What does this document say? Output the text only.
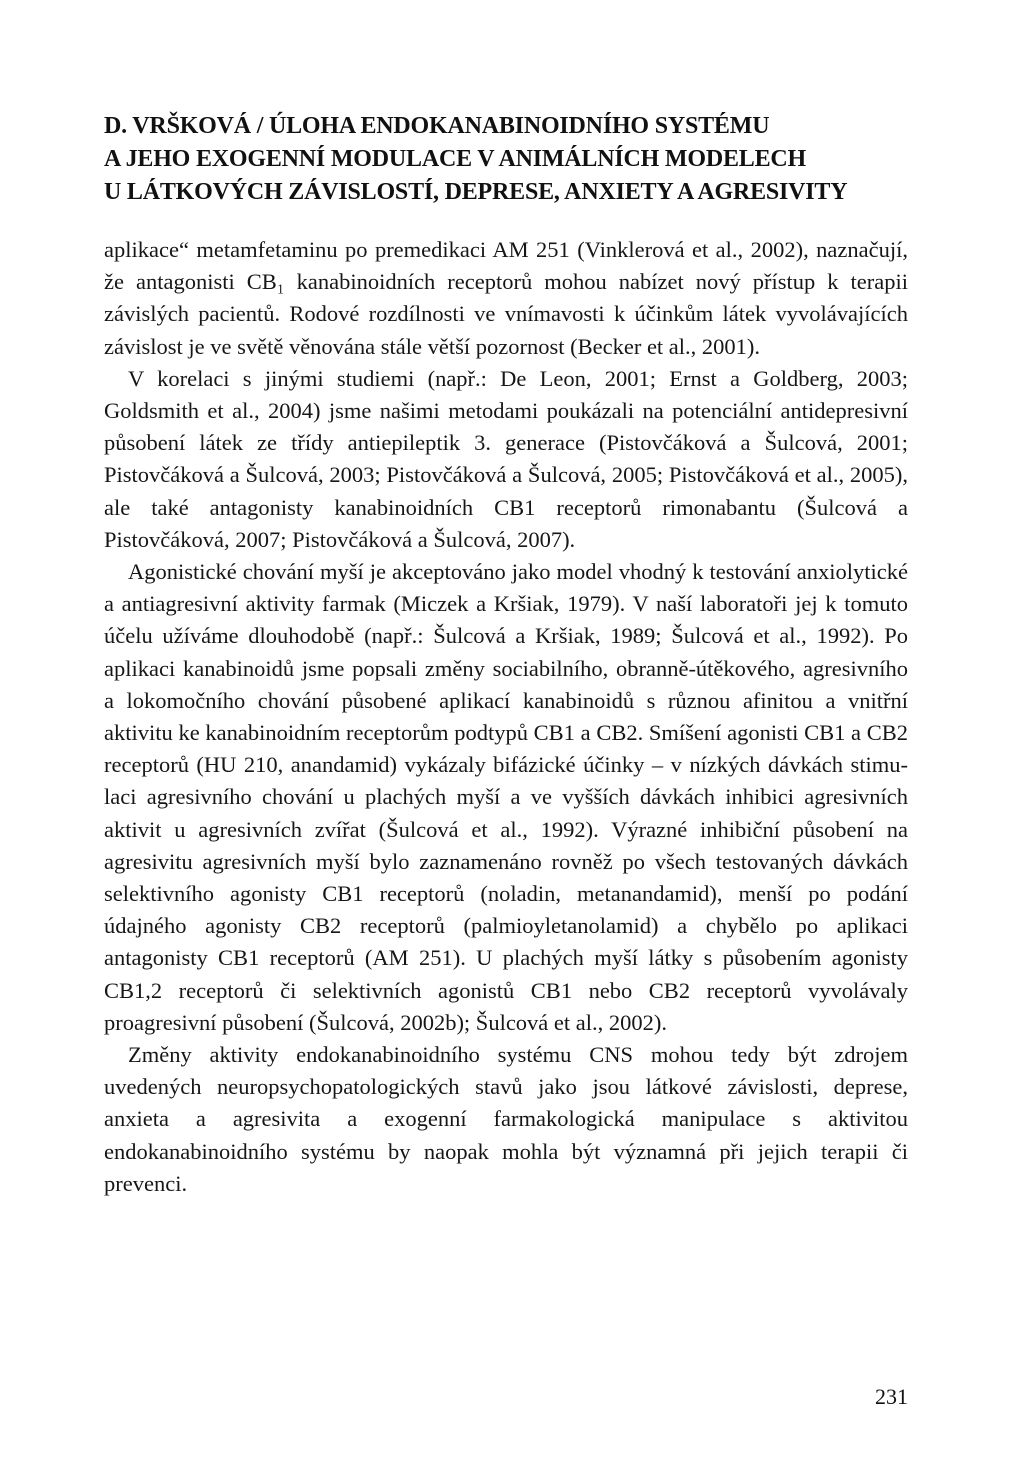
D. VRŠKOVÁ / ÚLOHA ENDOKANABINOIDNÍHO SYSTÉMU
A JEHO EXOGENNÍ MODULACE V ANIMÁLNÍCH MODELECH
U LÁTKOVÝCH ZÁVISLOSTÍ, DEPRESE, ANXIETY A AGRESIVITY

aplikace“ metamfetaminu po premedikaci AM 251 (Vinklerová et al., 2002), naznačují, že antagonisti CB₁ kanabinoidních receptorů mohou nabízet nový přístup k terapii závislých pacientů. Rodové rozdílnosti ve vnímavosti k účinkům látek vyvolávajících závislost je ve světě věnována stále větší pozornost (Becker et al., 2001).

V korelaci s jinými studiemi (např.: De Leon, 2001; Ernst a Goldberg, 2003; Goldsmith et al., 2004) jsme našimi metodami poukázali na potenciální antidepresivní působení látek ze třídy antiepileptik 3. generace (Pistovčáková a Šulcová, 2001; Pistovčáková a Šulcová, 2003; Pistovčáková a Šulcová, 2005; Pistovčáková et al., 2005), ale také antagonisty kanabinoidních CB1 receptorů rimonabantu (Šulcová a Pistovčáková, 2007; Pistovčáková a Šulcová, 2007).

Agonistické chování myší je akceptováno jako model vhodný k testování anxiolytické a antiagresivní aktivity farmak (Miczek a Kršiak, 1979). V naší laboratoři jej k tomuto účelu užíváme dlouhodobě (např.: Šulcová a Kršiak, 1989; Šulcová et al., 1992). Po aplikaci kanabinoidů jsme popsali změny sociabilního, obranně-útěkového, agresivního a lokomočního chování působené aplikací kanabinoidů s různou afinitou a vnitřní aktivitu ke kanabinoidním receptorům podtypů CB1 a CB2. Smíšení agonisti CB1 a CB2 receptorů (HU 210, anandamid) vykázaly bifázické účinky – v nízkých dávkách stimulaci agresivního chování u plachých myší a ve vyšších dávkách inhibici agresivních aktivit u agresivních zvířat (Šulcová et al., 1992). Výrazné inhibiční působení na agresivitu agresivních myší bylo zaznamenáno rovněž po všech testovaných dávkách selektivního agonisty CB1 receptorů (noladin, metanandamid), menší po podání údajného agonisty CB2 receptorů (palmioyletanolamid) a chybělo po aplikaci antagonisty CB1 receptorů (AM 251). U plachých myší látky s působením agonisty CB1,2 receptorů či selektivních agonistů CB1 nebo CB2 receptorů vyvolávaly proagresivní působení (Šulcová, 2002b); Šulcová et al., 2002).

Změny aktivity endokanabinoidního systému CNS mohou tedy být zdrojem uvedených neuropsychopatologických stavů jako jsou látkové závislosti, deprese, anxieta a agresivita a exogenní farmakologická manipulace s aktivitou endokanabinoidního systému by naopak mohla být významná při jejich terapii či prevenci.

231
